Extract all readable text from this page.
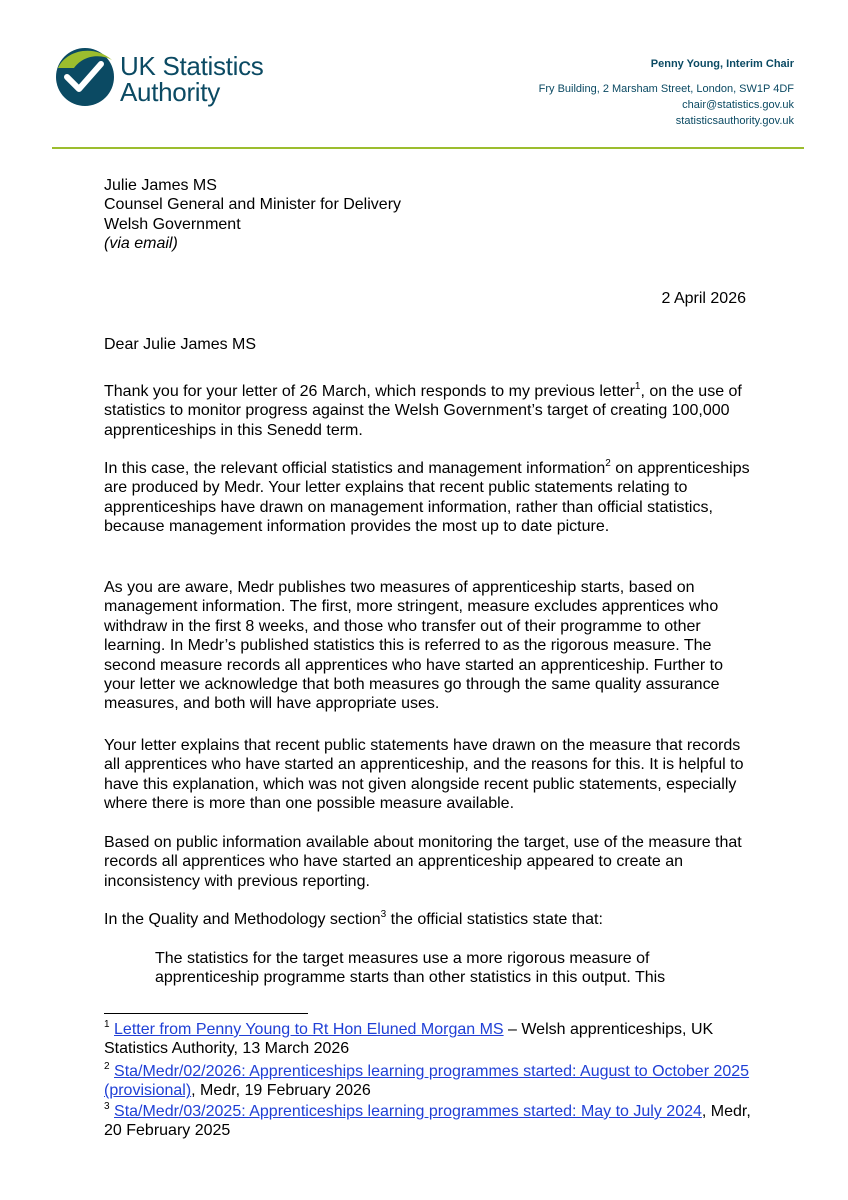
UK Statistics
Authority
Penny Young, Interim Chair
Fry Building, 2 Marsham Street, London, SW1P 4DF
chair@statistics.gov.uk
statisticsauthority.gov.uk
Julie James MS
Counsel General and Minister for Delivery
Welsh Government
(via email)
2 April 2026

Dear Julie James MS

Thank you for your letter of 26 March, which responds to my previous letter$^1$, on the use of statistics to monitor progress against the Welsh Government’s target of creating 100,000 apprenticeships in this Senedd term.

In this case, the relevant official statistics and management information$^2$ on apprenticeships are produced by Medr. Your letter explains that recent public statements relating to apprenticeships have drawn on management information, rather than official statistics, because management information provides the most up to date picture.

As you are aware, Medr publishes two measures of apprenticeship starts, based on management information. The first, more stringent, measure excludes apprentices who withdraw in the first 8 weeks, and those who transfer out of their programme to other learning. In Medr’s published statistics this is referred to as the rigorous measure. The second measure records all apprentices who have started an apprenticeship. Further to your letter we acknowledge that both measures go through the same quality assurance measures, and both will have appropriate uses.

Your letter explains that recent public statements have drawn on the measure that records all apprentices who have started an apprenticeship, and the reasons for this. It is helpful to have this explanation, which was not given alongside recent public statements, especially where there is more than one possible measure available.

Based on public information available about monitoring the target, use of the measure that records all apprentices who have started an apprenticeship appeared to create an inconsistency with previous reporting.

In the Quality and Methodology section$^3$ the official statistics state that:

The statistics for the target measures use a more rigorous measure of apprenticeship programme starts than other statistics in this output. This

$^1$ Letter from Penny Young to Rt Hon Eluned Morgan MS – Welsh apprenticeships, UK Statistics Authority, 13 March 2026

$^2$ Sta/Medr/02/2026: Apprenticeships learning programmes started: August to October 2025 (provisional), Medr, 19 February 2026

$^3$ Sta/Medr/03/2025: Apprenticeships learning programmes started: May to July 2024, Medr, 20 February 2025
